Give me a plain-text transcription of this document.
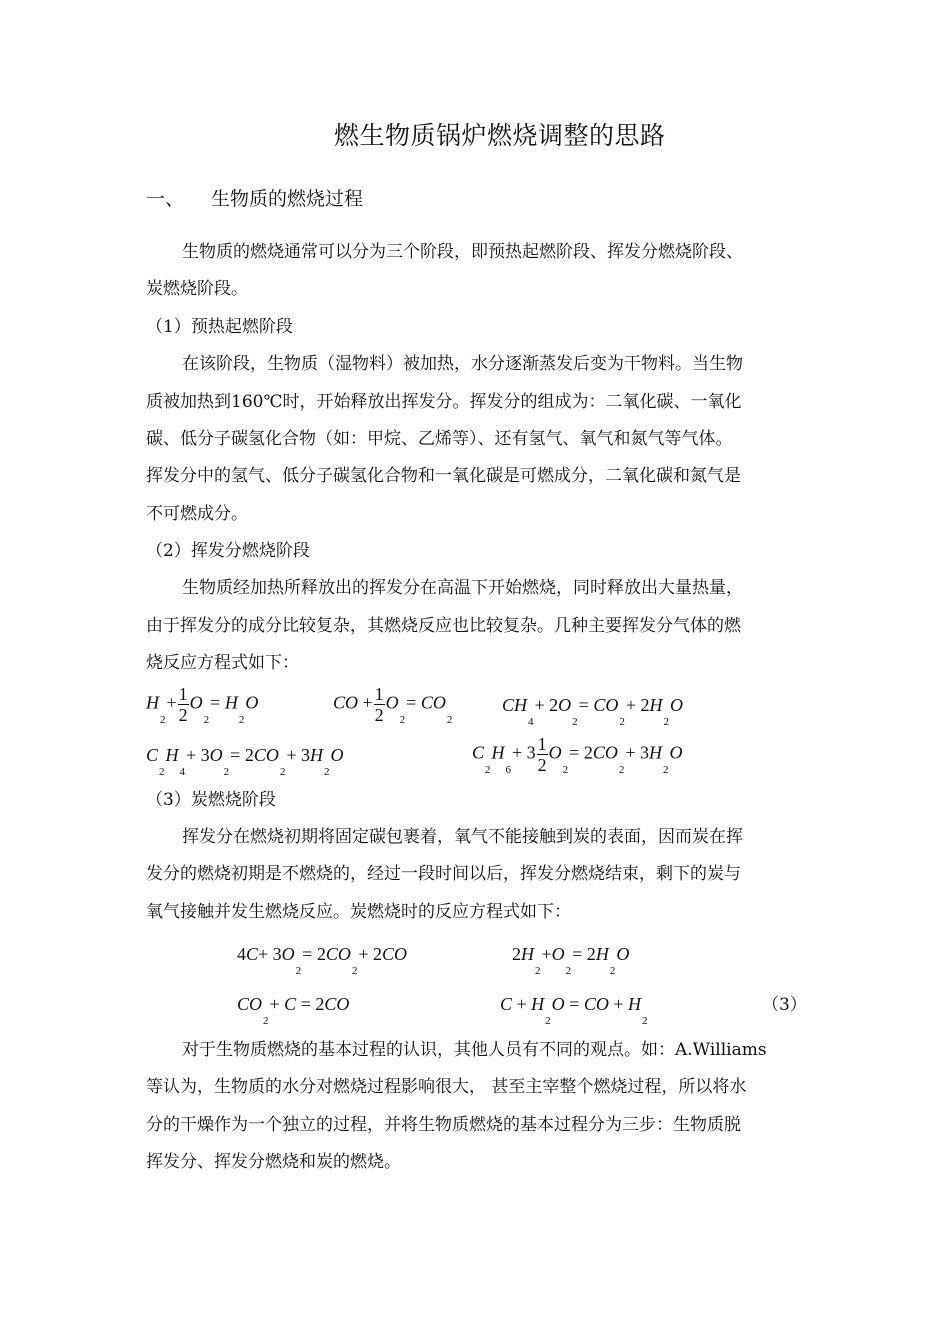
燃生物质锅炉燃烧调整的思路
一、 生物质的燃烧过程
生物质的燃烧通常可以分为三个阶段，即预热起燃阶段、挥发分燃烧阶段、
炭燃烧阶段。
（1）预热起燃阶段
在该阶段，生物质（湿物料）被加热，水分逐渐蒸发后变为干物料。当生物
质被加热到160℃时，开始释放出挥发分。挥发分的组成为：二氧化碳、一氧化
碳、低分子碳氢化合物（如：甲烷、乙烯等）、还有氢气、氧气和氮气等气体。
挥发分中的氢气、低分子碳氢化合物和一氧化碳是可燃成分，二氧化碳和氮气是
不可燃成分。
（2）挥发分燃烧阶段
生物质经加热所释放出的挥发分在高温下开始燃烧，同时释放出大量热量，
由于挥发分的成分比较复杂，其燃烧反应也比较复杂。几种主要挥发分气体的燃
烧反应方程式如下：
$H_2+ \frac{1}{2} O_2= H_2O$	CO + $\frac{1}{2} O_2= CO_2$
$CH_4+ 2O_2= CO_2+ 2H_2O$
$C_2H_4+ 3O_2= 2CO_2+ 3H_2O$	$C_2H_6+ 3 \frac{1}{2} O_2= 2CO_2+ 3H_2O$
（3）炭燃烧阶段
挥发分在燃烧初期将固定碳包裹着，氧气不能接触到炭的表面，因而炭在挥
发分的燃烧初期是不燃烧的，经过一段时间以后，挥发分燃烧结束，剩下的炭与
氧气接触并发生燃烧反应。炭燃烧时的反应方程式如下：
$4C+ 3O_2= 2CO_2+ 2CO$	$2H_2+O_2= 2H_2O$
$CO_2+ C = 2CO$	$C + H_2O$ = CO + $H_2$
（3）
对于生物质燃烧的基本过程的认识，其他人员有不同的观点。如：A.Williams
等认为，生物质的水分对燃烧过程影响很大， 甚至主宰整个燃烧过程，所以将水
分的干燥作为一个独立的过程，并将生物质燃烧的基本过程分为三步：生物质脱
挥发分、挥发分燃烧和炭的燃烧。
